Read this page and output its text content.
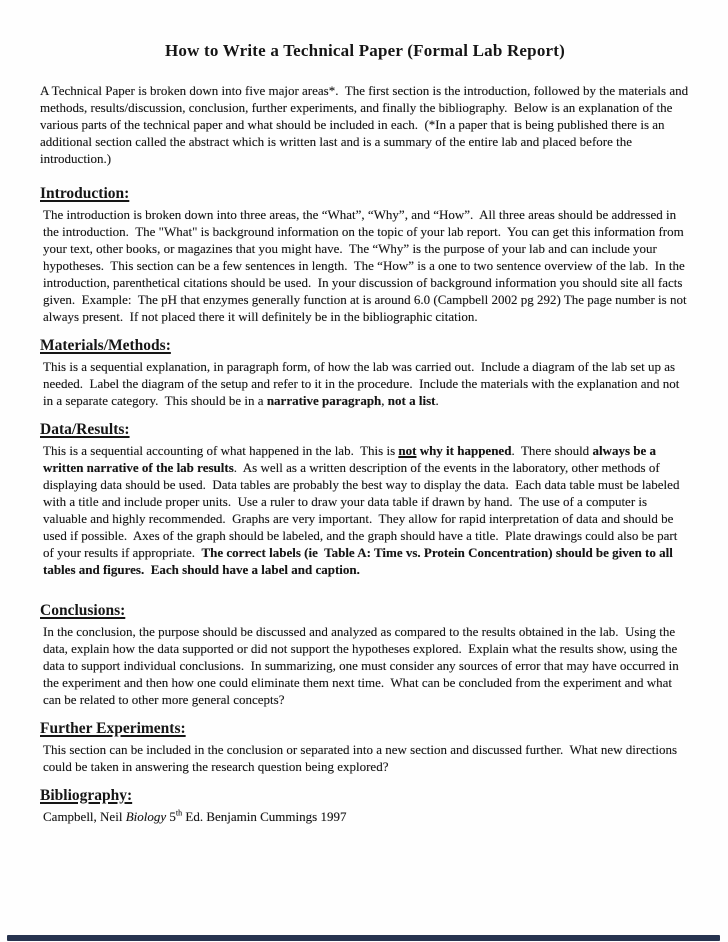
How to Write a Technical Paper (Formal Lab Report)

A Technical Paper is broken down into five major areas*.  The first section is the introduction, followed by the materials and methods, results/discussion, conclusion, further experiments, and finally the bibliography.  Below is an explanation of the various parts of the technical paper and what should be included in each.  (*In a paper that is being published there is an additional section called the abstract which is written last and is a summary of the entire lab and placed before the introduction.)

Introduction:

The introduction is broken down into three areas, the “What”, “Why”, and “How”.  All three areas should be addressed in the introduction.  The "What" is background information on the topic of your lab report.  You can get this information from your text, other books, or magazines that you might have.  The “Why” is the purpose of your lab and can include your hypotheses.  This section can be a few sentences in length.  The “How” is a one to two sentence overview of the lab.  In the introduction, parenthetical citations should be used.  In your discussion of background information you should site all facts given.  Example:  The pH that enzymes generally function at is around 6.0 (Campbell 2002 pg 292) The page number is not always present.  If not placed there it will definitely be in the bibliographic citation.

Materials/Methods:

This is a sequential explanation, in paragraph form, of how the lab was carried out.  Include a diagram of the lab set up as needed.  Label the diagram of the setup and refer to it in the procedure.  Include the materials with the explanation and not in a separate category.  This should be in a narrative paragraph, not a list.

Data/Results:

This is a sequential accounting of what happened in the lab.  This is not why it happened.  There should always be a written narrative of the lab results.  As well as a written description of the events in the laboratory, other methods of displaying data should be used.  Data tables are probably the best way to display the data.  Each data table must be labeled with a title and include proper units.  Use a ruler to draw your data table if drawn by hand.  The use of a computer is valuable and highly recommended.  Graphs are very important.  They allow for rapid interpretation of data and should be used if possible.  Axes of the graph should be labeled, and the graph should have a title.  Plate drawings could also be part of your results if appropriate.  The correct labels (ie  Table A: Time vs. Protein Concentration) should be given to all tables and figures.  Each should have a label and caption.

Conclusions:

In the conclusion, the purpose should be discussed and analyzed as compared to the results obtained in the lab.  Using the data, explain how the data supported or did not support the hypotheses explored.  Explain what the results show, using the data to support individual conclusions.  In summarizing, one must consider any sources of error that may have occurred in the experiment and then how one could eliminate them next time.  What can be concluded from the experiment and what can be related to other more general concepts?

Further Experiments:

This section can be included in the conclusion or separated into a new section and discussed further.  What new directions could be taken in answering the research question being explored?

Bibliography:

Campbell, Neil Biology 5th Ed. Benjamin Cummings 1997
